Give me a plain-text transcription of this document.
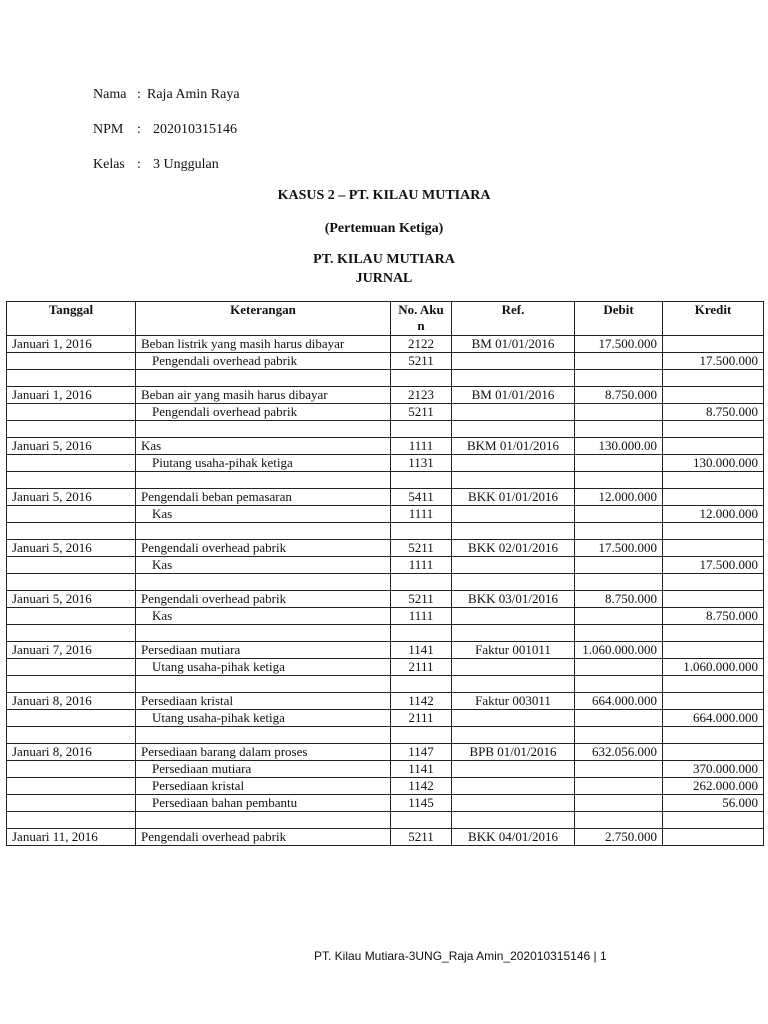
Nama : Raja Amin Raya
NPM : 202010315146
Kelas : 3 Unggulan
KASUS 2 – PT. KILAU MUTIARA
(Pertemuan Ketiga)
PT. KILAU MUTIARA
JURNAL
Tanggal	Keterangan	No. Akun	Ref.	Debit	Kredit
Januari 1, 2016	Beban listrik yang masih harus dibayar	2122	BM 01/01/2016	17.500.000	
	Pengendali overhead pabrik	5211			17.500.000

Januari 1, 2016	Beban air yang masih harus dibayar	2123	BM 01/01/2016	8.750.000	
	Pengendali overhead pabrik	5211			8.750.000

Januari 5, 2016	Kas	1111	BKM 01/01/2016	130.000.00	
	Piutang usaha-pihak ketiga	1131			130.000.000

Januari 5, 2016	Pengendali beban pemasaran	5411	BKK 01/01/2016	12.000.000	
	Kas	1111			12.000.000

Januari 5, 2016	Pengendali overhead pabrik	5211	BKK 02/01/2016	17.500.000	
	Kas	1111			17.500.000

Januari 5, 2016	Pengendali overhead pabrik	5211	BKK 03/01/2016	8.750.000	
	Kas	1111			8.750.000

Januari 7, 2016	Persediaan mutiara	1141	Faktur 001011	1.060.000.000	
	Utang usaha-pihak ketiga	2111			1.060.000.000

Januari 8, 2016	Persediaan kristal	1142	Faktur 003011	664.000.000	
	Utang usaha-pihak ketiga	2111			664.000.000

Januari 8, 2016	Persediaan barang dalam proses	1147	BPB 01/01/2016	632.056.000	
	Persediaan mutiara	1141			370.000.000
	Persediaan kristal	1142			262.000.000
	Persediaan bahan pembantu	1145			56.000

Januari 11, 2016	Pengendali overhead pabrik	5211	BKK 04/01/2016	2.750.000	
PT. Kilau Mutiara-3UNG_Raja Amin_202010315146 | 1
